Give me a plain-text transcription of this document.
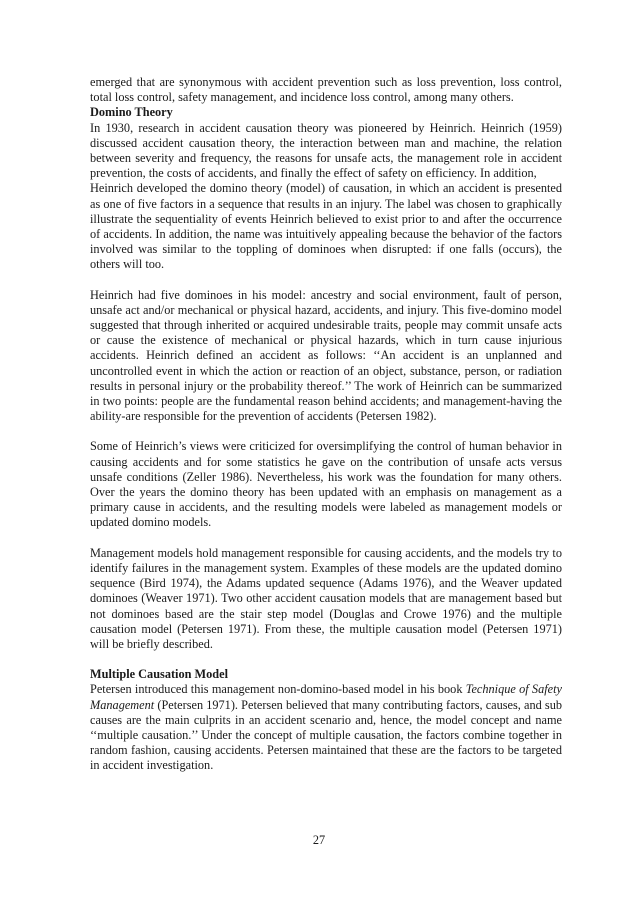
emerged that are synonymous with accident prevention such as loss prevention, loss control, total loss control, safety management, and incidence loss control, among many others.

Domino Theory

In 1930, research in accident causation theory was pioneered by Heinrich. Heinrich (1959) discussed accident causation theory, the interaction between man and machine, the relation between severity and frequency, the reasons for unsafe acts, the management role in accident prevention, the costs of accidents, and finally the effect of safety on efficiency. In addition,

Heinrich developed the domino theory (model) of causation, in which an accident is presented as one of five factors in a sequence that results in an injury. The label was chosen to graphically illustrate the sequentiality of events Heinrich believed to exist prior to and after the occurrence of accidents. In addition, the name was intuitively appealing because the behavior of the factors involved was similar to the toppling of dominoes when disrupted: if one falls (occurs), the others will too.

Heinrich had five dominoes in his model: ancestry and social environment, fault of person, unsafe act and/or mechanical or physical hazard, accidents, and injury. This five-domino model suggested that through inherited or acquired undesirable traits, people may commit unsafe acts or cause the existence of mechanical or physical hazards, which in turn cause injurious accidents. Heinrich defined an accident as follows: ‘‘An accident is an unplanned and uncontrolled event in which the action or reaction of an object, substance, person, or radiation results in personal injury or the probability thereof.’’ The work of Heinrich can be summarized in two points: people are the fundamental reason behind accidents; and management-having the ability-are responsible for the prevention of accidents (Petersen 1982).

Some of Heinrich’s views were criticized for oversimplifying the control of human behavior in causing accidents and for some statistics he gave on the contribution of unsafe acts versus unsafe conditions (Zeller 1986). Nevertheless, his work was the foundation for many others. Over the years the domino theory has been updated with an emphasis on management as a primary cause in accidents, and the resulting models were labeled as management models or updated domino models.

Management models hold management responsible for causing accidents, and the models try to identify failures in the management system. Examples of these models are the updated domino sequence (Bird 1974), the Adams updated sequence (Adams 1976), and the Weaver updated dominoes (Weaver 1971). Two other accident causation models that are management based but not dominoes based are the stair step model (Douglas and Crowe 1976) and the multiple causation model (Petersen 1971). From these, the multiple causation model (Petersen 1971) will be briefly described.

Multiple Causation Model

Petersen introduced this management non-domino-based model in his book Technique of Safety Management (Petersen 1971). Petersen believed that many contributing factors, causes, and sub causes are the main culprits in an accident scenario and, hence, the model concept and name ‘‘multiple causation.’’ Under the concept of multiple causation, the factors combine together in random fashion, causing accidents. Petersen maintained that these are the factors to be targeted in accident investigation.

27
